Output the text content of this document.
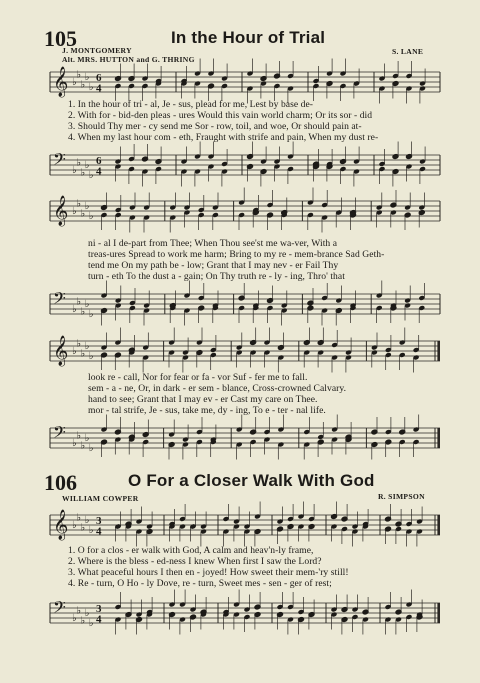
105	In the Hour of Trial
J. MONTGOMERY
Alt. MRS. HUTTON and G. THRING
S. LANE
𝄞 ♭
♭
♭
♭
♭
6
4
1. In the hour of tri - al, Je - sus, plead for me, Lest by base de-
2. With for - bid-den pleas - ures Would this vain world charm; Or its sor - did
3. Should Thy mer - cy send me Sor - row, toil, and woe, Or should pain at-
4. When my last hour com - eth, Fraught with strife and pain, When my dust re-
𝄢 ♭
♭
♭
♭
♭
6
4
𝄞 ♭
♭
♭
♭
♭
ni - al I de-part from Thee; When Thou see'st me wa-ver, With a
treas-ures Spread to work me harm; Bring to my re - mem-brance Sad Geth-
tend me On my path be - low; Grant that I may nev - er Fail Thy
turn - eth To the dust a - gain; On Thy truth re - ly - ing, Thro' that
𝄢 ♭
♭
♭
♭
♭
𝄞 ♭
♭
♭
♭
♭
look re - call, Nor for fear or fa - vor Suf - fer me to fall.
sem - a - ne, Or, in dark - er sem - blance, Cross-crowned Calvary.
hand to see; Grant that I may ev - er Cast my care on Thee.
mor - tal strife, Je - sus, take me, dy - ing, To e - ter - nal life.
𝄢 ♭
♭
♭
♭
♭
106	O For a Closer Walk With God
WILLIAM COWPER	R. SIMPSON
𝄞 ♭
♭
♭
♭
♭
3
4
1. O for a clos - er walk with God, A calm and heav'n-ly frame,
2. Where is the bless - ed-ness I knew When first I saw the Lord?
3. What peaceful hours I then en - joyed! How sweet their mem-'ry still!
4. Re - turn, O Ho - ly Dove, re - turn, Sweet mes - sen - ger of rest;
𝄢 ♭
♭
♭
♭
♭
3
4
